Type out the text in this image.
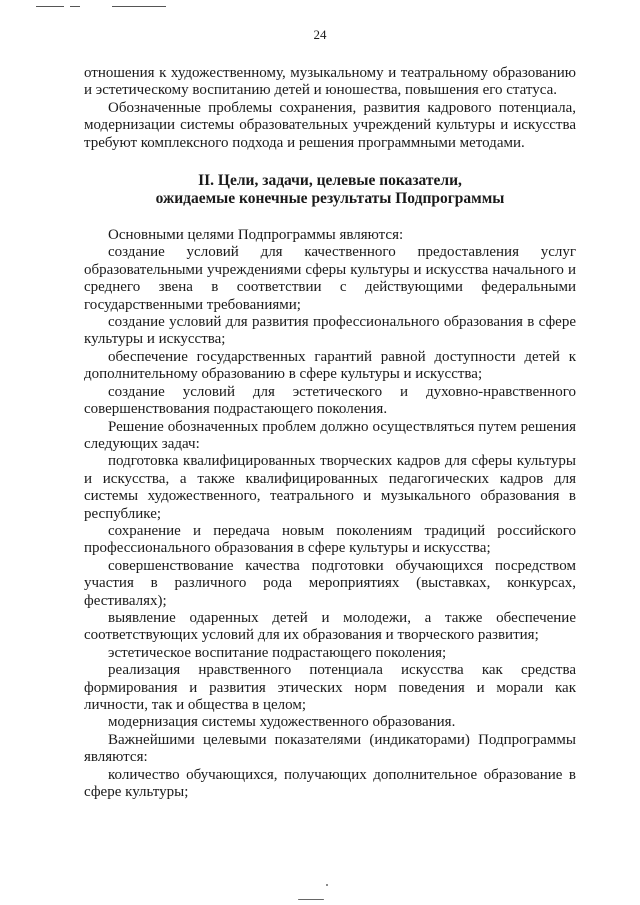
24

отношения к художественному, музыкальному и театральному образованию и эстетическому воспитанию детей и юношества, повышения его статуса.

Обозначенные проблемы сохранения, развития кадрового потенциала, модернизации системы образовательных учреждений культуры и искусства требуют комплексного подхода и решения программными методами.

II. Цели, задачи, целевые показатели,
ожидаемые конечные результаты Подпрограммы

Основными целями Подпрограммы являются:

создание условий для качественного предоставления услуг образовательными учреждениями сферы культуры и искусства начального и среднего звена в соответствии с действующими федеральными государственными требованиями;

создание условий для развития профессионального образования в сфере культуры и искусства;

обеспечение государственных гарантий равной доступности детей к дополнительному образованию в сфере культуры и искусства;

создание условий для эстетического и духовно-нравственного совершенствования подрастающего поколения.

Решение обозначенных проблем должно осуществляться путем решения следующих задач:

подготовка квалифицированных творческих кадров для сферы культуры и искусства, а также квалифицированных педагогических кадров для системы художественного, театрального и музыкального образования в республике;

сохранение и передача новым поколениям традиций российского профессионального образования в сфере культуры и искусства;

совершенствование качества подготовки обучающихся посредством участия в различного рода мероприятиях (выставках, конкурсах, фестивалях);

выявление одаренных детей и молодежи, а также обеспечение соответствующих условий для их образования и творческого развития;

эстетическое воспитание подрастающего поколения;

реализация нравственного потенциала искусства как средства формирования и развития этических норм поведения и морали как личности, так и общества в целом;

модернизация системы художественного образования.

Важнейшими целевыми показателями (индикаторами) Подпрограммы являются:

количество обучающихся, получающих дополнительное образование в сфере культуры;
